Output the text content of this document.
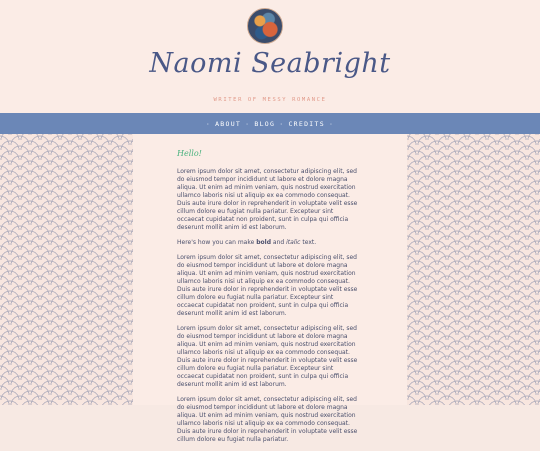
Naomi Seabright
WRITER OF MESSY ROMANCE
· ABOUT · BLOG · CREDITS ·
Hello!

Lorem ipsum dolor sit amet, consectetur adipiscing elit, sed do eiusmod tempor incididunt ut labore et dolore magna aliqua. Ut enim ad minim veniam, quis nostrud exercitation ullamco laboris nisi ut aliquip ex ea commodo consequat. Duis aute irure dolor in reprehenderit in voluptate velit esse cillum dolore eu fugiat nulla pariatur. Excepteur sint occaecat cupidatat non proident, sunt in culpa qui officia deserunt mollit anim id est laborum.

Here's how you can make bold and italic text.

Lorem ipsum dolor sit amet, consectetur adipiscing elit, sed do eiusmod tempor incididunt ut labore et dolore magna aliqua. Ut enim ad minim veniam, quis nostrud exercitation ullamco laboris nisi ut aliquip ex ea commodo consequat. Duis aute irure dolor in reprehenderit in voluptate velit esse cillum dolore eu fugiat nulla pariatur. Excepteur sint occaecat cupidatat non proident, sunt in culpa qui officia deserunt mollit anim id est laborum.

Lorem ipsum dolor sit amet, consectetur adipiscing elit, sed do eiusmod tempor incididunt ut labore et dolore magna aliqua. Ut enim ad minim veniam, quis nostrud exercitation ullamco laboris nisi ut aliquip ex ea commodo consequat. Duis aute irure dolor in reprehenderit in voluptate velit esse cillum dolore eu fugiat nulla pariatur. Excepteur sint occaecat cupidatat non proident, sunt in culpa qui officia deserunt mollit anim id est laborum.

Lorem ipsum dolor sit amet, consectetur adipiscing elit, sed do eiusmod tempor incididunt ut labore et dolore magna aliqua. Ut enim ad minim veniam, quis nostrud exercitation ullamco laboris nisi ut aliquip ex ea commodo consequat. Duis aute irure dolor in reprehenderit in voluptate velit esse cillum dolore eu fugiat nulla pariatur.
